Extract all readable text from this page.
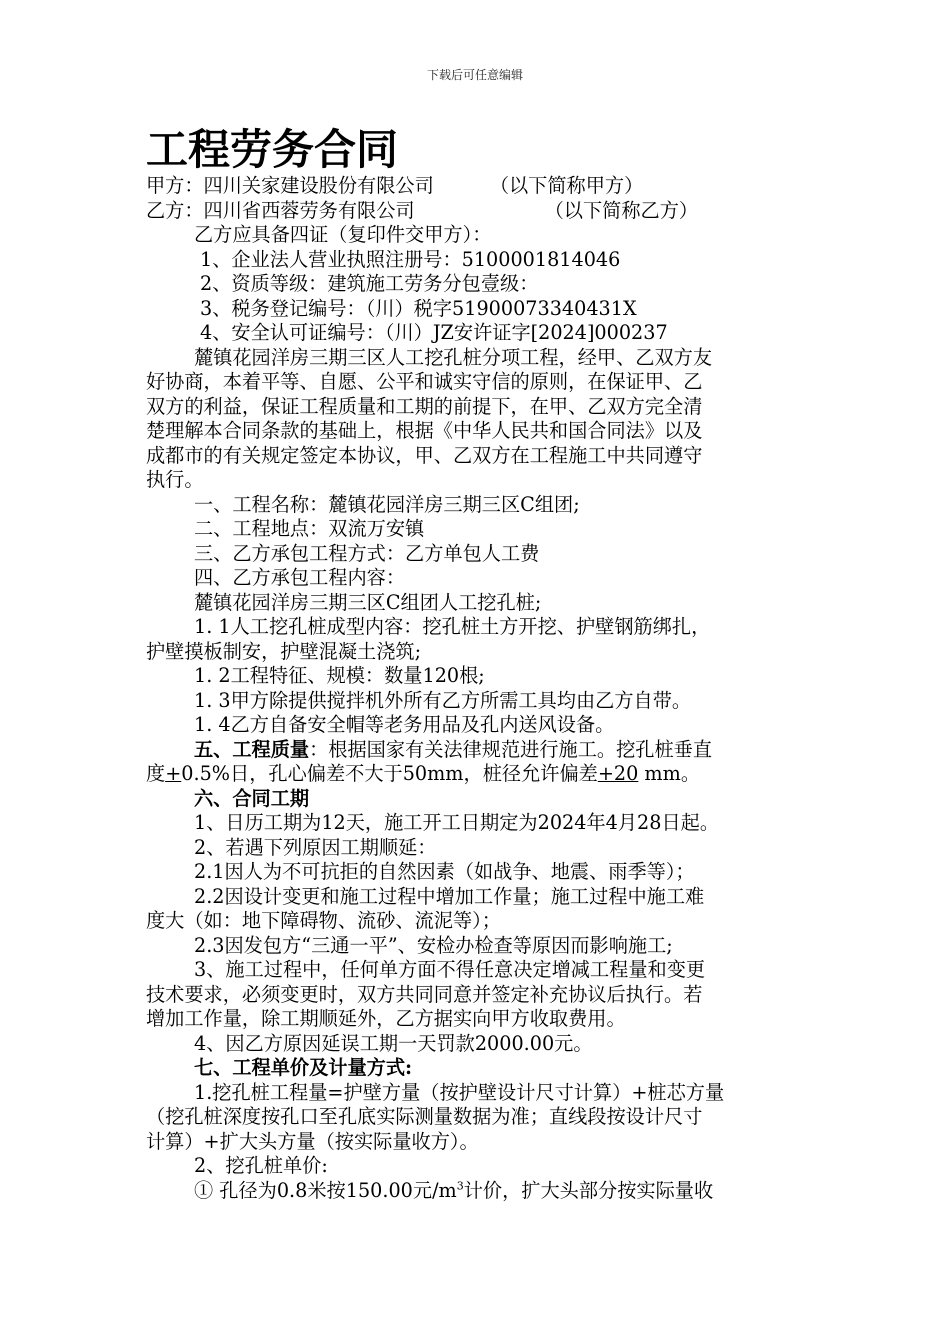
下载后可任意编辑
工程劳务合同
甲方：四川关家建设股份有限公司	（以下简称甲方）
乙方：四川省西蓉劳务有限公司	（以下简称乙方）
乙方应具备四证（复印件交甲方）：
1、企业法人营业执照注册号：5100001814046
2、资质等级：建筑施工劳务分包壹级：
3、税务登记编号：（川）税字51900073340431X
4、安全认可证编号：（川）JZ安许证字[2024]000237
麓镇花园洋房三期三区人工挖孔桩分项工程，经甲、乙双方友
好协商，本着平等、自愿、公平和诚实守信的原则，在保证甲、乙
双方的利益，保证工程质量和工期的前提下，在甲、乙双方完全清
楚理解本合同条款的基础上，根据《中华人民共和国合同法》以及
成都市的有关规定签定本协议，甲、乙双方在工程施工中共同遵守
执行。
一、工程名称：麓镇花园洋房三期三区C组团;
二、工程地点：双流万安镇
三、乙方承包工程方式：乙方单包人工费
四、乙方承包工程内容：
麓镇花园洋房三期三区C组团人工挖孔桩;
1. 1人工挖孔桩成型内容：挖孔桩土方开挖、护壁钢筋绑扎，
护壁摸板制安，护壁混凝土浇筑;
1. 2工程特征、规模：数量120根;
1. 3甲方除提供搅拌机外所有乙方所需工具均由乙方自带。
1. 4乙方自备安全帽等老务用品及孔内送风设备。
五、工程质量：根据国家有关法律规范进行施工。挖孔桩垂直
度+0.5%日，孔心偏差不大于50mm，桩径允许偏差+20 mm。
六、合同工期
1、日历工期为12天，施工开工日期定为2024年4月28日起。
2、若遇下列原因工期顺延：
2.1因人为不可抗拒的自然因素（如战争、地震、雨季等）；
2.2因设计变更和施工过程中增加工作量；施工过程中施工难
度大（如：地下障碍物、流砂、流泥等）；
2.3因发包方“三通一平”、安检办检查等原因而影响施工;
3、施工过程中，任何单方面不得任意决定增减工程量和变更
技术要求，必须变更时，双方共同同意并签定补充协议后执行。若
增加工作量，除工期顺延外，乙方据实向甲方收取费用。
4、因乙方原因延误工期一天罚款2000.00元。
七、工程单价及计量方式:
1.挖孔桩工程量=护壁方量（按护壁设计尺寸计算）+桩芯方量
（挖孔桩深度按孔口至孔底实际测量数据为准；直线段按设计尺寸
计算）+扩大头方量（按实际量收方）。
2、挖孔桩单价:
① 孔径为0.8米按150.00元$/m^3$计价，扩大头部分按实际量收
